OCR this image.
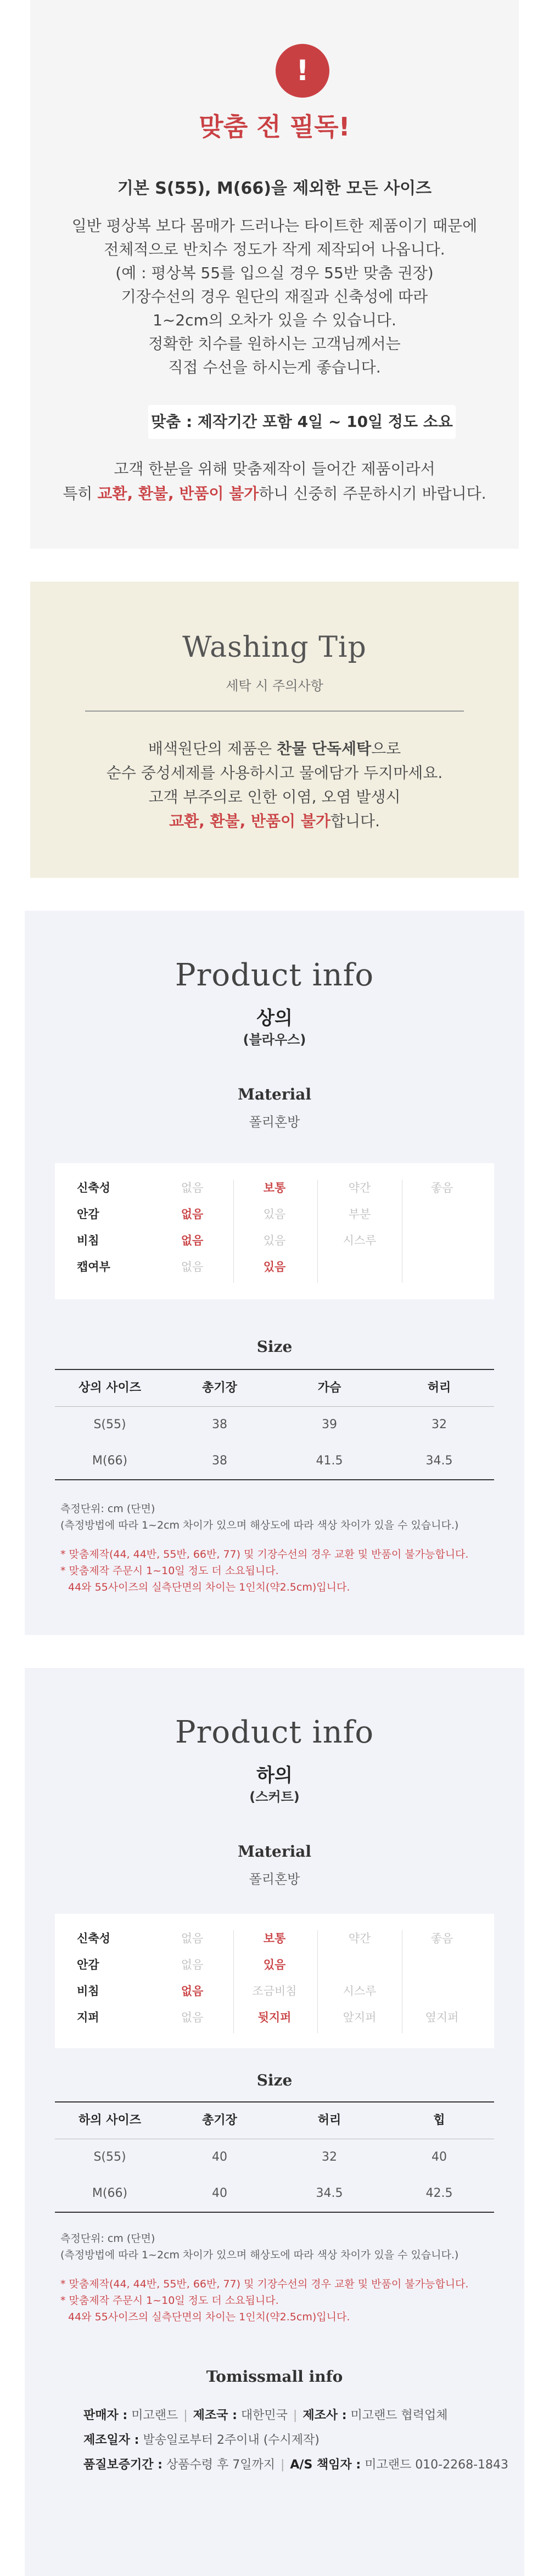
!
맞춤 전 필독!
기본 S(55), M(66)을 제외한 모든 사이즈

일반 평상복 보다 몸매가 드러나는 타이트한 제품이기 때문에

전체적으로 반치수 정도가 작게 제작되어 나옵니다.

(예 : 평상복 55를 입으실 경우 55반 맞춤 권장)

기장수선의 경우 원단의 재질과 신축성에 따라

1~2cm의 오차가 있을 수 있습니다.

정확한 치수를 원하시는 고객님께서는

직접 수선을 하시는게 좋습니다.

맞춤 : 제작기간 포함 4일 ~ 10일 정도 소요

고객 한분을 위해 맞춤제작이 들어간 제품이라서

특히 교환, 환불, 반품이 불가하니 신중히 주문하시기 바랍니다.

Washing Tip
세탁 시 주의사항

배색원단의 제품은 찬물 단독세탁으로

순수 중성세제를 사용하시고 물에담가 두지마세요.

고객 부주의로 인한 이염, 오염 발생시

교환, 환불, 반품이 불가합니다.

Product info
상의
(블라우스)
Material
폴리혼방
신축성	없음	보통	약간	좋음
안감	없음	있음	부분
비침	없음	있음	시스루
캡여부	없음	있음
Size
상의 사이즈	총기장	가슴	허리
S(55)	38	39	32
M(66)	38	41.5	34.5

측정단위: cm (단면)

(측정방법에 따라 1~2cm 차이가 있으며 해상도에 따라 색상 차이가 있을 수 있습니다.)

* 맞춤제작(44, 44반, 55반, 66반, 77) 및 기장수선의 경우 교환 및 반품이 불가능합니다.

* 맞춤제작 주문시 1~10일 정도 더 소요됩니다.

44와 55사이즈의 실측단면의 차이는 1인치(약2.5cm)입니다.

Product info
하의
(스커트)
Material
폴리혼방
신축성	없음	보통	약간	좋음
안감	없음	있음
비침	없음	조금비침	시스루
지퍼	없음	뒷지퍼	앞지퍼	옆지퍼
Size
하의 사이즈	총기장	허리	힙
S(55)	40	32	40
M(66)	40	34.5	42.5

측정단위: cm (단면)

(측정방법에 따라 1~2cm 차이가 있으며 해상도에 따라 색상 차이가 있을 수 있습니다.)

* 맞춤제작(44, 44반, 55반, 66반, 77) 및 기장수선의 경우 교환 및 반품이 불가능합니다.

* 맞춤제작 주문시 1~10일 정도 더 소요됩니다.

44와 55사이즈의 실측단면의 차이는 1인치(약2.5cm)입니다.

Tomissmall info
판매자 : 미고랜드 | 제조국 : 대한민국 | 제조사 : 미고랜드 협력업체
제조일자 : 발송일로부터 2주이내 (수시제작)
품질보증기간 : 상품수령 후 7일까지 | A/S 책임자 : 미고랜드 010-2268-1843
